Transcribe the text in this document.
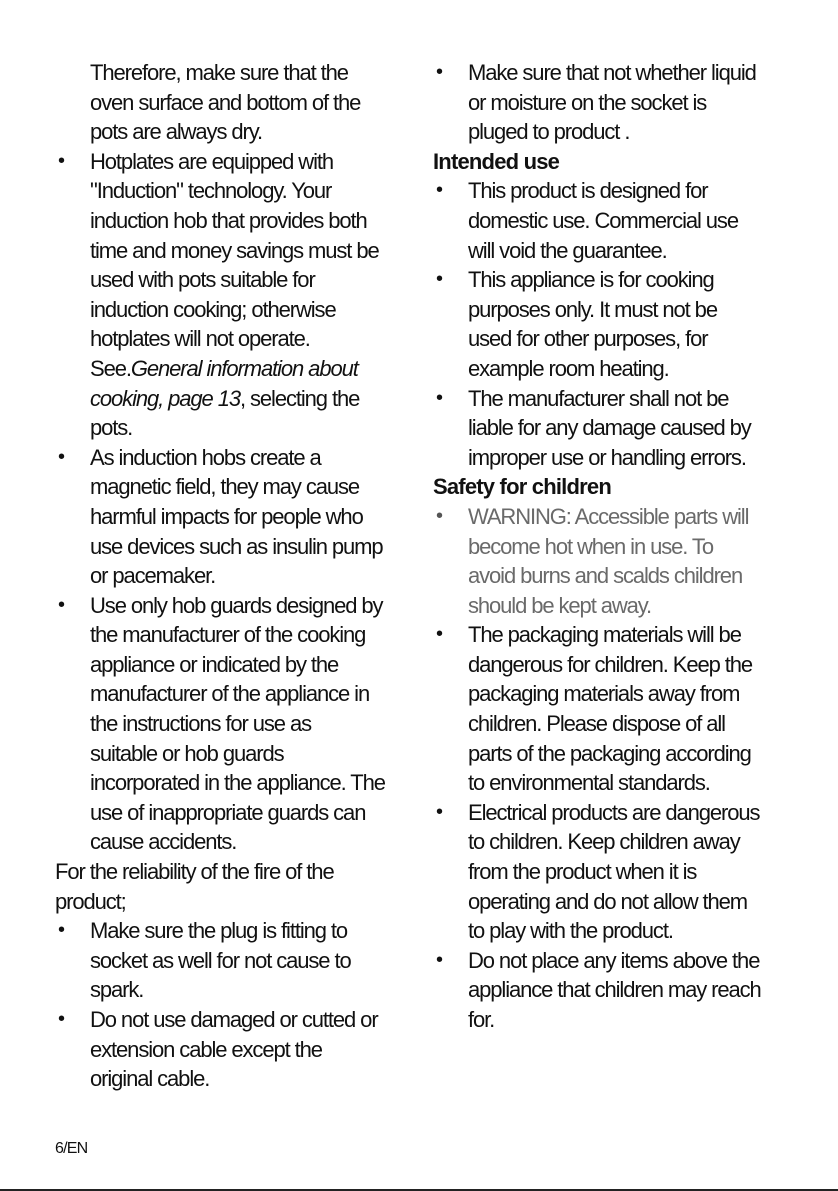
Therefore, make sure that the
oven surface and bottom of the
pots are always dry.
• Hotplates are equipped with
"Induction" technology. Your
induction hob that provides both
time and money savings must be
used with pots suitable for
induction cooking; otherwise
hotplates will not operate.
See.General information about
cooking, page 13, selecting the
pots.
• As induction hobs create a
magnetic field, they may cause
harmful impacts for people who
use devices such as insulin pump
or pacemaker.
• Use only hob guards designed by
the manufacturer of the cooking
appliance or indicated by the
manufacturer of the appliance in
the instructions for use as
suitable or hob guards
incorporated in the appliance. The
use of inappropriate guards can
cause accidents.
For the reliability of the fire of the
product;
• Make sure the plug is fitting to
socket as well for not cause to
spark.
• Do not use damaged or cutted or
extension cable except the
original cable.
• Make sure that not whether liquid
or moisture on the socket is
pluged to product .
Intended use
• This product is designed for
domestic use. Commercial use
will void the guarantee.
• This appliance is for cooking
purposes only. It must not be
used for other purposes, for
example room heating.
• The manufacturer shall not be
liable for any damage caused by
improper use or handling errors.
Safety for children
• WARNING: Accessible parts will
become hot when in use. To
avoid burns and scalds children
should be kept away.
• The packaging materials will be
dangerous for children. Keep the
packaging materials away from
children. Please dispose of all
parts of the packaging according
to environmental standards.
• Electrical products are dangerous
to children. Keep children away
from the product when it is
operating and do not allow them
to play with the product.
• Do not place any items above the
appliance that children may reach
for.
6/EN
